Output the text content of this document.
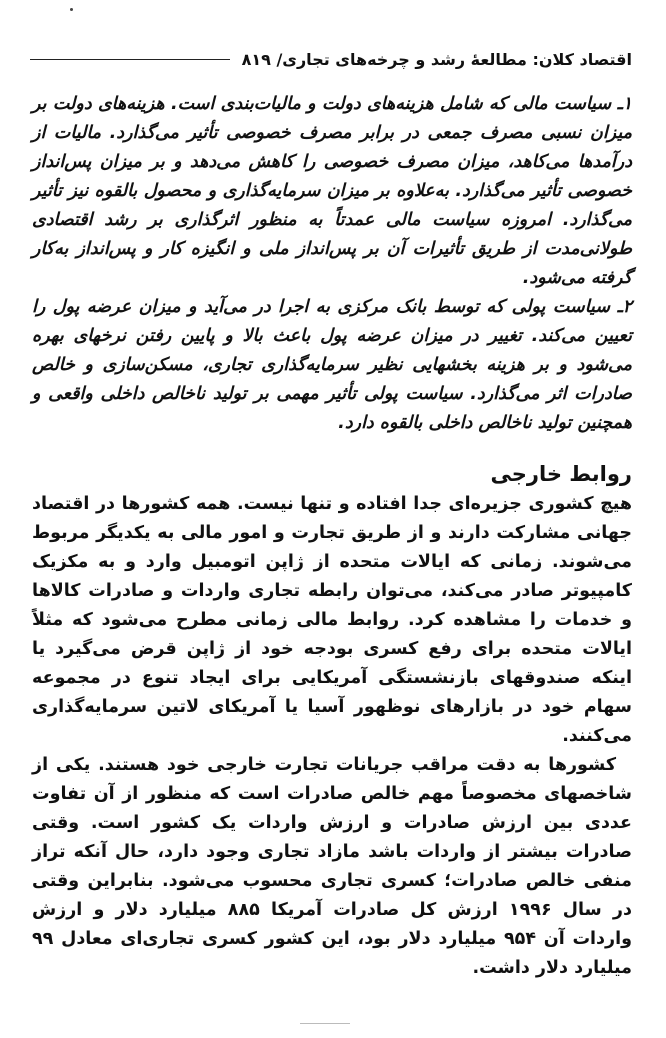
اقتصاد کلان: مطالعهٔ رشد و چرخه‌های تجاری/ ۸۱۹

۱ـ سیاست مالی که شامل هزینه‌های دولت و مالیات‌بندی است. هزینه‌های دولت بر میزان نسبی مصرف جمعی در برابر مصرف خصوصی تأثیر می‌گذارد. مالیات از درآمدها می‌کاهد، میزان مصرف خصوصی را کاهش می‌دهد و بر میزان پس‌انداز خصوصی تأثیر می‌گذارد. به‌علاوه بر میزان سرمایه‌گذاری و محصول بالقوه نیز تأثیر می‌گذارد. امروزه سیاست مالی عمدتاً به منظور اثرگذاری بر رشد اقتصادی طولانی‌مدت از طریق تأثیرات آن بر پس‌انداز ملی و انگیزه کار و پس‌انداز به‌کار گرفته می‌شود.

۲ـ سیاست پولی که توسط بانک مرکزی به اجرا در می‌آید و میزان عرضه پول را تعیین می‌کند. تغییر در میزان عرضه پول باعث بالا و پایین رفتن نرخهای بهره می‌شود و بر هزینه بخشهایی نظیر سرمایه‌گذاری تجاری، مسکن‌سازی و خالص صادرات اثر می‌گذارد. سیاست پولی تأثیر مهمی بر تولید ناخالص داخلی واقعی و همچنین تولید ناخالص داخلی بالقوه دارد.

روابط خارجی

هیچ کشوری جزیره‌ای جدا افتاده و تنها نیست. همه کشورها در اقتصاد جهانی مشارکت دارند و از طریق تجارت و امور مالی به یکدیگر مربوط می‌شوند. زمانی که ایالات متحده از ژاپن اتومبیل وارد و به مکزیک کامپیوتر صادر می‌کند، می‌توان رابطه تجاری واردات و صادرات کالاها و خدمات را مشاهده کرد. روابط مالی زمانی مطرح می‌شود که مثلاً ایالات متحده برای رفع کسری بودجه خود از ژاپن قرض می‌گیرد یا اینکه صندوقهای بازنشستگی آمریکایی برای ایجاد تنوع در مجموعه سهام خود در بازارهای نوظهور آسیا یا آمریکای لاتین سرمایه‌گذاری می‌کنند.

کشورها به دقت مراقب جریانات تجارت خارجی خود هستند. یکی از شاخصهای مخصوصاً مهم خالص صادرات است که منظور از آن تفاوت عددی بین ارزش صادرات و ارزش واردات یک کشور است. وقتی صادرات بیشتر از واردات باشد مازاد تجاری وجود دارد، حال آنکه تراز منفی خالص صادرات؛ کسری تجاری محسوب می‌شود. بنابراین وقتی در سال ۱۹۹۶ ارزش کل صادرات آمریکا ۸۸۵ میلیارد دلار و ارزش واردات آن ۹۵۴ میلیارد دلار بود، این کشور کسری تجاری‌ای معادل ۹۹ میلیارد دلار داشت.
